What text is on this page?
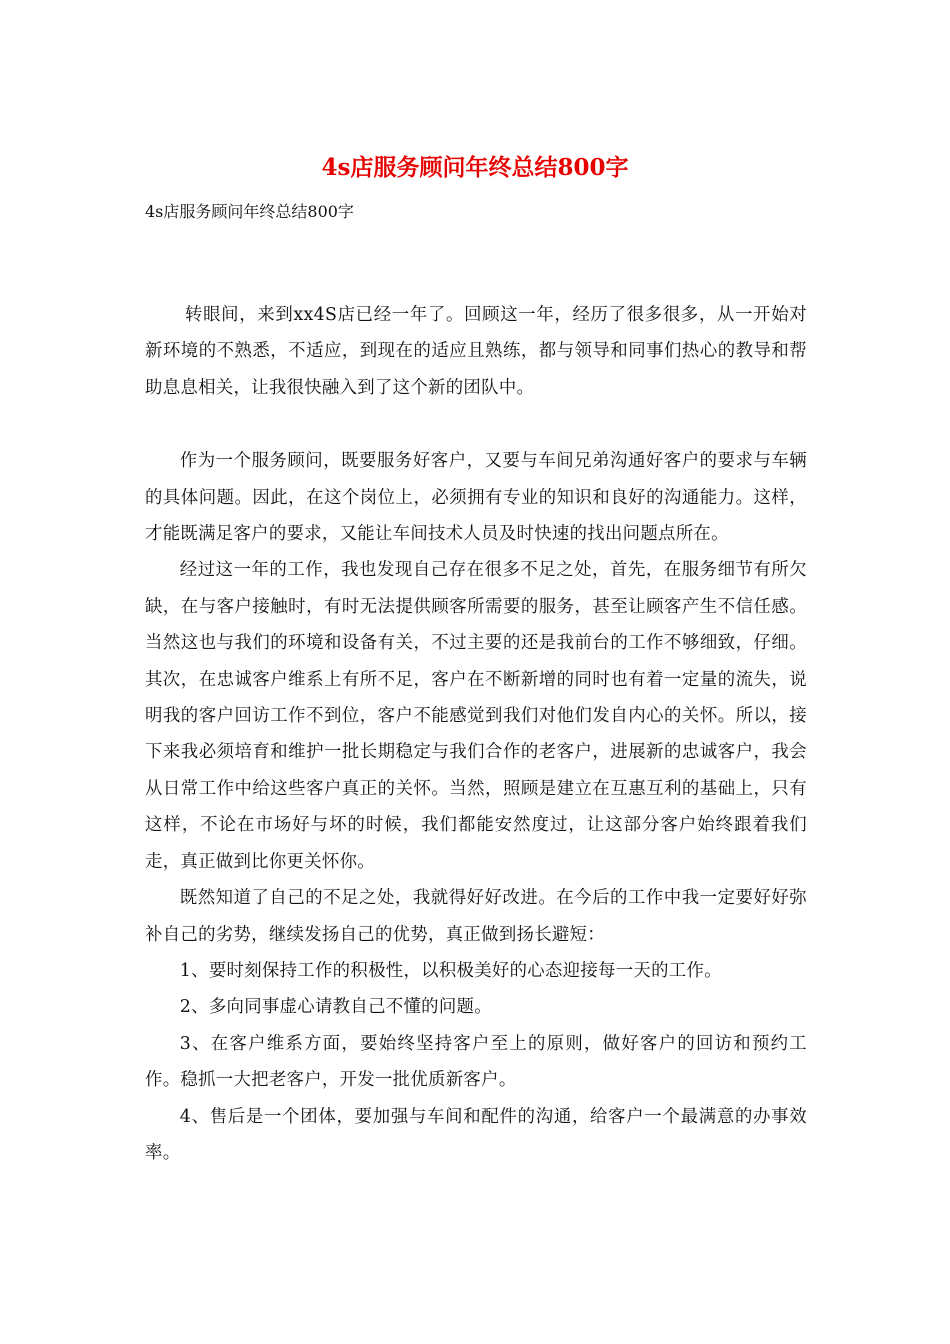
4s店服务顾问年终总结800字

4s店服务顾问年终总结800字

转眼间，来到xx4S店已经一年了。回顾这一年，经历了很多很多，从一开始对新环境的不熟悉，不适应，到现在的适应且熟练，都与领导和同事们热心的教导和帮助息息相关，让我很快融入到了这个新的团队中。

作为一个服务顾问，既要服务好客户，又要与车间兄弟沟通好客户的要求与车辆的具体问题。因此，在这个岗位上，必须拥有专业的知识和良好的沟通能力。这样，才能既满足客户的要求，又能让车间技术人员及时快速的找出问题点所在。

经过这一年的工作，我也发现自己存在很多不足之处，首先，在服务细节有所欠缺，在与客户接触时，有时无法提供顾客所需要的服务，甚至让顾客产生不信任感。当然这也与我们的环境和设备有关，不过主要的还是我前台的工作不够细致，仔细。其次，在忠诚客户维系上有所不足，客户在不断新增的同时也有着一定量的流失，说明我的客户回访工作不到位，客户不能感觉到我们对他们发自内心的关怀。所以，接下来我必须培育和维护一批长期稳定与我们合作的老客户，进展新的忠诚客户，我会从日常工作中给这些客户真正的关怀。当然，照顾是建立在互惠互利的基础上，只有这样，不论在市场好与坏的时候，我们都能安然度过，让这部分客户始终跟着我们走，真正做到比你更关怀你。

既然知道了自己的不足之处，我就得好好改进。在今后的工作中我一定要好好弥补自己的劣势，继续发扬自己的优势，真正做到扬长避短：

1、要时刻保持工作的积极性，以积极美好的心态迎接每一天的工作。

2、多向同事虚心请教自己不懂的问题。

3、在客户维系方面，要始终坚持客户至上的原则，做好客户的回访和预约工作。稳抓一大把老客户，开发一批优质新客户。

4、售后是一个团体，要加强与车间和配件的沟通，给客户一个最满意的办事效率。
